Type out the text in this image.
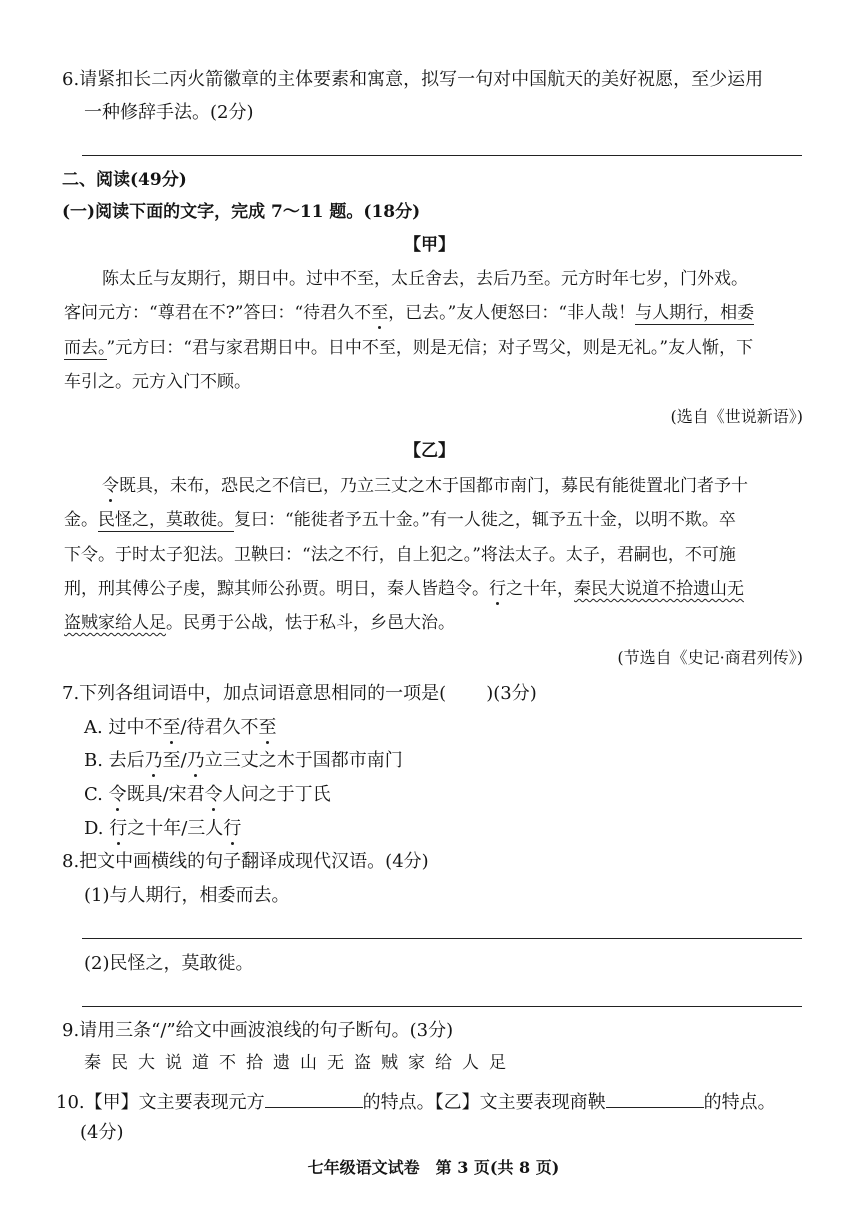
6.请紧扣长二丙火箭徽章的主体要素和寓意，拟写一句对中国航天的美好祝愿，至少运用
一种修辞手法。(2分)
二、阅读(49分)
(一)阅读下面的文字，完成 7～11 题。(18分)
【甲】
陈太丘与友期行，期日中。过中不至，太丘舍去，去后乃至。元方时年七岁，门外戏。
客问元方：“尊君在不?”答曰：“待君久不至，已去。”友人便怒曰：“非人哉！与人期行，相委
而去。”元方曰：“君与家君期日中。日中不至，则是无信；对子骂父，则是无礼。”友人惭，下
车引之。元方入门不顾。
(选自《世说新语》)
【乙】
令既具，未布，恐民之不信已，乃立三丈之木于国都市南门，募民有能徙置北门者予十
金。民怪之，莫敢徙。复曰：“能徙者予五十金。”有一人徙之，辄予五十金，以明不欺。卒
下令。于时太子犯法。卫鞅曰：“法之不行，自上犯之。”将法太子。太子，君嗣也，不可施
刑，刑其傅公子虔，黥其师公孙贾。明日，秦人皆趋令。行之十年，秦民大说道不拾遗山无
盗贼家给人足。民勇于公战，怯于私斗，乡邑大治。
(节选自《史记·商君列传》)
7.下列各组词语中，加点词语意思相同的一项是( )(3分)
A. 过中不至/待君久不至
B. 去后乃至/乃立三丈之木于国都市南门
C. 令既具/宋君令人问之于丁氏
D. 行之十年/三人行
8.把文中画横线的句子翻译成现代汉语。(4分)
(1)与人期行，相委而去。
(2)民怪之，莫敢徙。
9.请用三条“/”给文中画波浪线的句子断句。(3分)
秦民大说道不拾遗山无盗贼家给人足
10.【甲】文主要表现元方	的特点。【乙】文主要表现商鞅	的特点。
(4分)
七年级语文试卷　第 3 页(共 8 页)
